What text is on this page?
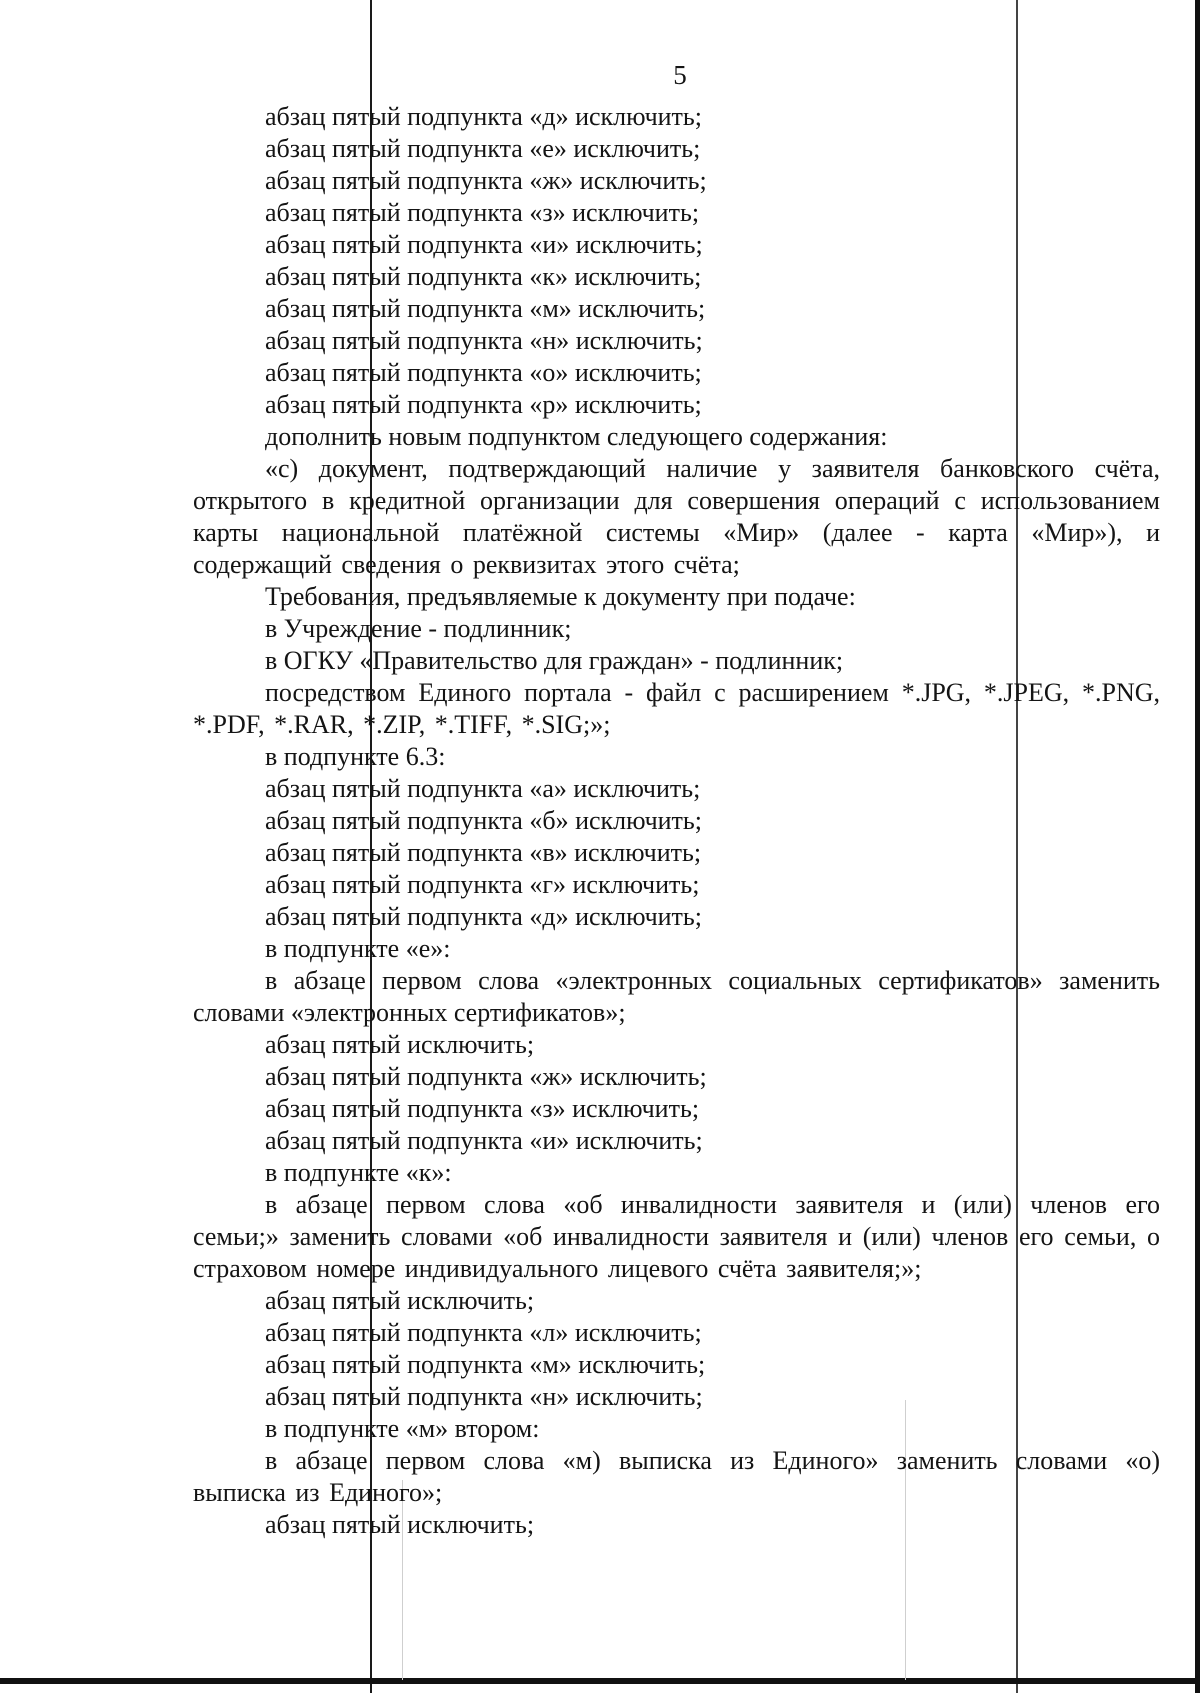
5

абзац пятый подпункта «д» исключить;

абзац пятый подпункта «е» исключить;

абзац пятый подпункта «ж» исключить;

абзац пятый подпункта «з» исключить;

абзац пятый подпункта «и» исключить;

абзац пятый подпункта «к» исключить;

абзац пятый подпункта «м» исключить;

абзац пятый подпункта «н» исключить;

абзац пятый подпункта «о» исключить;

абзац пятый подпункта «р» исключить;

дополнить новым подпунктом следующего содержания:

«с) документ, подтверждающий наличие у заявителя банковского счёта, открытого в кредитной организации для совершения операций с использованием карты национальной платёжной системы «Мир» (далее - карта «Мир»), и содержащий сведения о реквизитах этого счёта;

Требования, предъявляемые к документу при подаче:

в Учреждение - подлинник;

в ОГКУ «Правительство для граждан» - подлинник;

посредством Единого портала - файл с расширением *.JPG, *.JPEG, *.PNG, *.PDF, *.RAR, *.ZIP, *.TIFF, *.SIG;»;

в подпункте 6.3:

абзац пятый подпункта «а» исключить;

абзац пятый подпункта «б» исключить;

абзац пятый подпункта «в» исключить;

абзац пятый подпункта «г» исключить;

абзац пятый подпункта «д» исключить;

в подпункте «е»:

в абзаце первом слова «электронных социальных сертификатов» заменить словами «электронных сертификатов»;

абзац пятый исключить;

абзац пятый подпункта «ж» исключить;

абзац пятый подпункта «з» исключить;

абзац пятый подпункта «и» исключить;

в подпункте «к»:

в абзаце первом слова «об инвалидности заявителя и (или) членов его семьи;» заменить словами «об инвалидности заявителя и (или) членов его семьи, о страховом номере индивидуального лицевого счёта заявителя;»;

абзац пятый исключить;

абзац пятый подпункта «л» исключить;

абзац пятый подпункта «м» исключить;

абзац пятый подпункта «н» исключить;

в подпункте «м» втором:

в абзаце первом слова «м) выписка из Единого» заменить словами «о) выписка из Единого»;

абзац пятый исключить;
